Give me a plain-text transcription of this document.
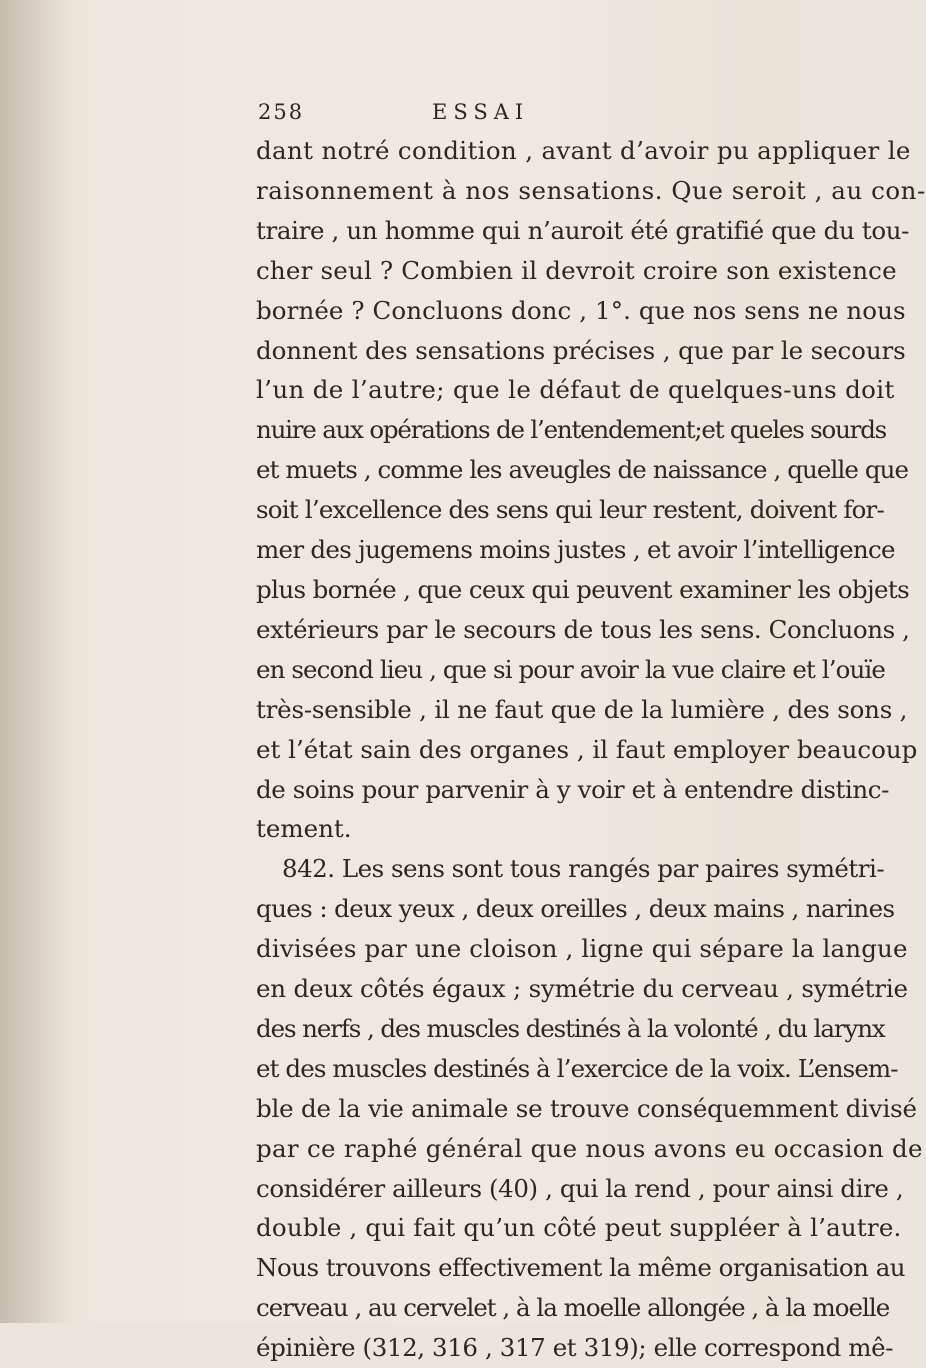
258	ESSAI
dant notré condition , avant d’avoir pu appliquer le
raisonnement à nos sensations. Que seroit , au con-
traire , un homme qui n’auroit été gratifié que du tou-
cher seul ? Combien il devroit croire son existence
bornée ? Concluons donc , 1°. que nos sens ne nous
donnent des sensations précises , que par le secours
l’un de l’autre; que le défaut de quelques-uns doit
nuire aux opérations de l’entendement;et queles sourds
et muets , comme les aveugles de naissance , quelle que
soit l’excellence des sens qui leur restent, doivent for-
mer des jugemens moins justes , et avoir l’intelligence
plus bornée , que ceux qui peuvent examiner les objets
extérieurs par le secours de tous les sens. Concluons ,
en second lieu , que si pour avoir la vue claire et l’ouïe
très-sensible , il ne faut que de la lumière , des sons ,
et l’état sain des organes , il faut employer beaucoup
de soins pour parvenir à y voir et à entendre distinc-
tement.
842. Les sens sont tous rangés par paires symétri-
ques : deux yeux , deux oreilles , deux mains , narines
divisées par une cloison , ligne qui sépare la langue
en deux côtés égaux ; symétrie du cerveau , symétrie
des nerfs , des muscles destinés à la volonté , du larynx
et des muscles destinés à l’exercice de la voix. L’ensem-
ble de la vie animale se trouve conséquemment divisé
par ce raphé général que nous avons eu occasion de
considérer ailleurs (40) , qui la rend , pour ainsi dire ,
double , qui fait qu’un côté peut suppléer à l’autre.
Nous trouvons effectivement la même organisation au
cerveau , au cervelet , à la moelle allongée , à la moelle
épinière (312, 316 , 317 et 319); elle correspond mê-
